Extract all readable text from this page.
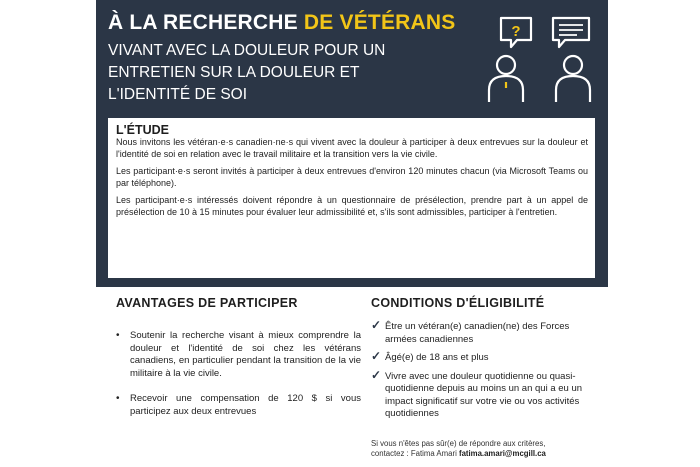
À LA RECHERCHE DE VÉTÉRANS
VIVANT AVEC LA DOULEUR POUR UN ENTRETIEN SUR LA DOULEUR ET L'IDENTITÉ DE SOI
?
L'ÉTUDE

Nous invitons les vétéran·e·s canadien·ne·s qui vivent avec la douleur à participer à deux entrevues sur la douleur et l'identité de soi en relation avec le travail militaire et la transition vers la vie civile.

Les participant·e·s seront invités à participer à deux entrevues d'environ 120 minutes chacun (via Microsoft Teams ou par téléphone).

Les participant·e·s intéressés doivent répondre à un questionnaire de présélection, prendre part à un appel de présélection de 10 à 15 minutes pour évaluer leur admissibilité et, s'ils sont admissibles, participer à l'entretien.

AVANTAGES DE PARTICIPER
• Soutenir la recherche visant à mieux comprendre la douleur et l'identité de soi chez les vétérans canadiens, en particulier pendant la transition de la vie militaire à la vie civile.
• Recevoir une compensation de 120 $ si vous participez aux deux entrevues
CONDITIONS D'ÉLIGIBILITÉ
✓ Être un vétéran(e) canadien(ne) des Forces armées canadiennes
✓ Âgé(e) de 18 ans et plus
✓ Vivre avec une douleur quotidienne ou quasi-quotidienne depuis au moins un an qui a eu un impact significatif sur votre vie ou vos activités quotidiennes
Si vous n'êtes pas sûr(e) de répondre aux critères,
contactez : Fatima Amari fatima.amari@mcgill.ca
